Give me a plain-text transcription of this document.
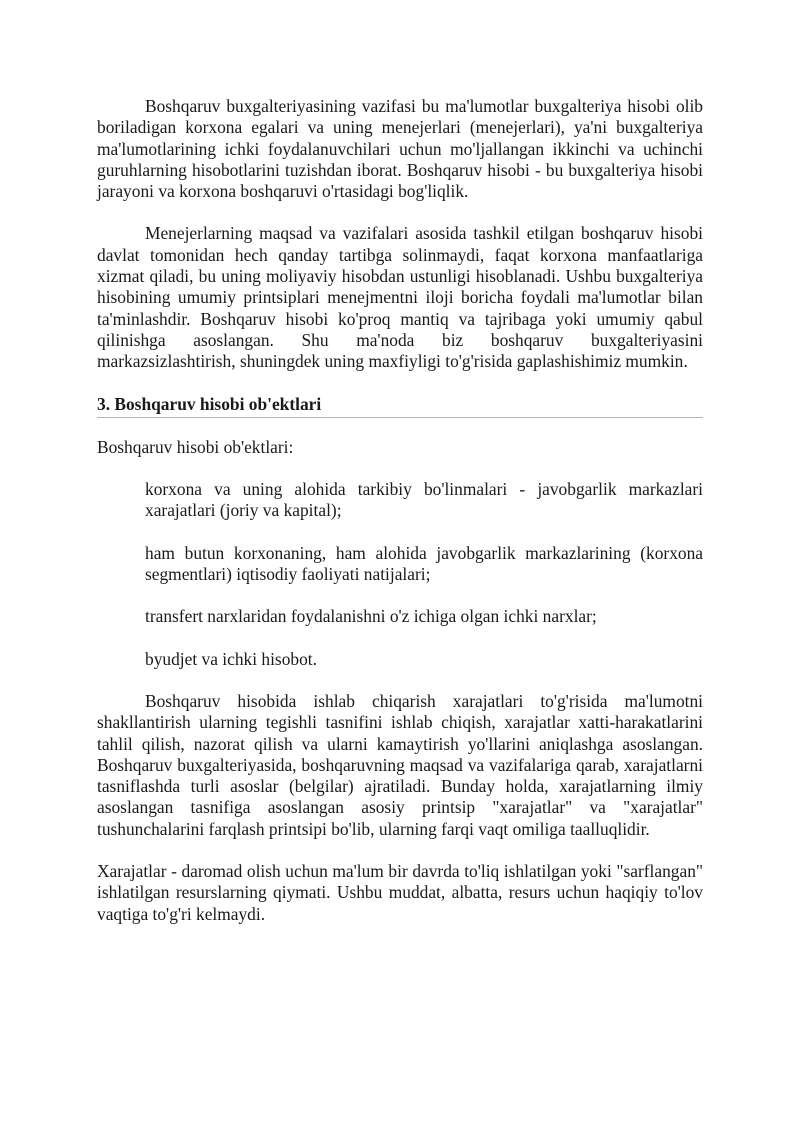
Boshqaruv buxgalteriyasining vazifasi bu ma'lumotlar buxgalteriya hisobi olib boriladigan korxona egalari va uning menejerlari (menejerlari), ya'ni buxgalteriya ma'lumotlarining ichki foydalanuvchilari uchun mo'ljallangan ikkinchi va uchinchi guruhlarning hisobotlarini tuzishdan iborat. Boshqaruv hisobi - bu buxgalteriya hisobi jarayoni va korxona boshqaruvi o'rtasidagi bog'liqlik.

Menejerlarning maqsad va vazifalari asosida tashkil etilgan boshqaruv hisobi davlat tomonidan hech qanday tartibga solinmaydi, faqat korxona manfaatlariga xizmat qiladi, bu uning moliyaviy hisobdan ustunligi hisoblanadi. Ushbu buxgalteriya hisobining umumiy printsiplari menejmentni iloji boricha foydali ma'lumotlar bilan ta'minlashdir. Boshqaruv hisobi ko'proq mantiq va tajribaga yoki umumiy qabul qilinishga asoslangan. Shu ma'noda biz boshqaruv buxgalteriyasini markazsizlashtirish, shuningdek uning maxfiyligi to'g'risida gaplashishimiz mumkin.

3. Boshqaruv hisobi ob'ektlari

Boshqaruv hisobi ob'ektlari:

korxona va uning alohida tarkibiy bo'linmalari - javobgarlik markazlari xarajatlari (joriy va kapital);
ham butun korxonaning, ham alohida javobgarlik markazlarining (korxona segmentlari) iqtisodiy faoliyati natijalari;
transfert narxlaridan foydalanishni o'z ichiga olgan ichki narxlar;
byudjet va ichki hisobot.

Boshqaruv hisobida ishlab chiqarish xarajatlari to'g'risida ma'lumotni shakllantirish ularning tegishli tasnifini ishlab chiqish, xarajatlar xatti-harakatlarini tahlil qilish, nazorat qilish va ularni kamaytirish yo'llarini aniqlashga asoslangan. Boshqaruv buxgalteriyasida, boshqaruvning maqsad va vazifalariga qarab, xarajatlarni tasniflashda turli asoslar (belgilar) ajratiladi. Bunday holda, xarajatlarning ilmiy asoslangan tasnifiga asoslangan asosiy printsip "xarajatlar" va "xarajatlar" tushunchalarini farqlash printsipi bo'lib, ularning farqi vaqt omiliga taalluqlidir.

Xarajatlar - daromad olish uchun ma'lum bir davrda to'liq ishlatilgan yoki "sarflangan" ishlatilgan resurslarning qiymati. Ushbu muddat, albatta, resurs uchun haqiqiy to'lov vaqtiga to'g'ri kelmaydi.
